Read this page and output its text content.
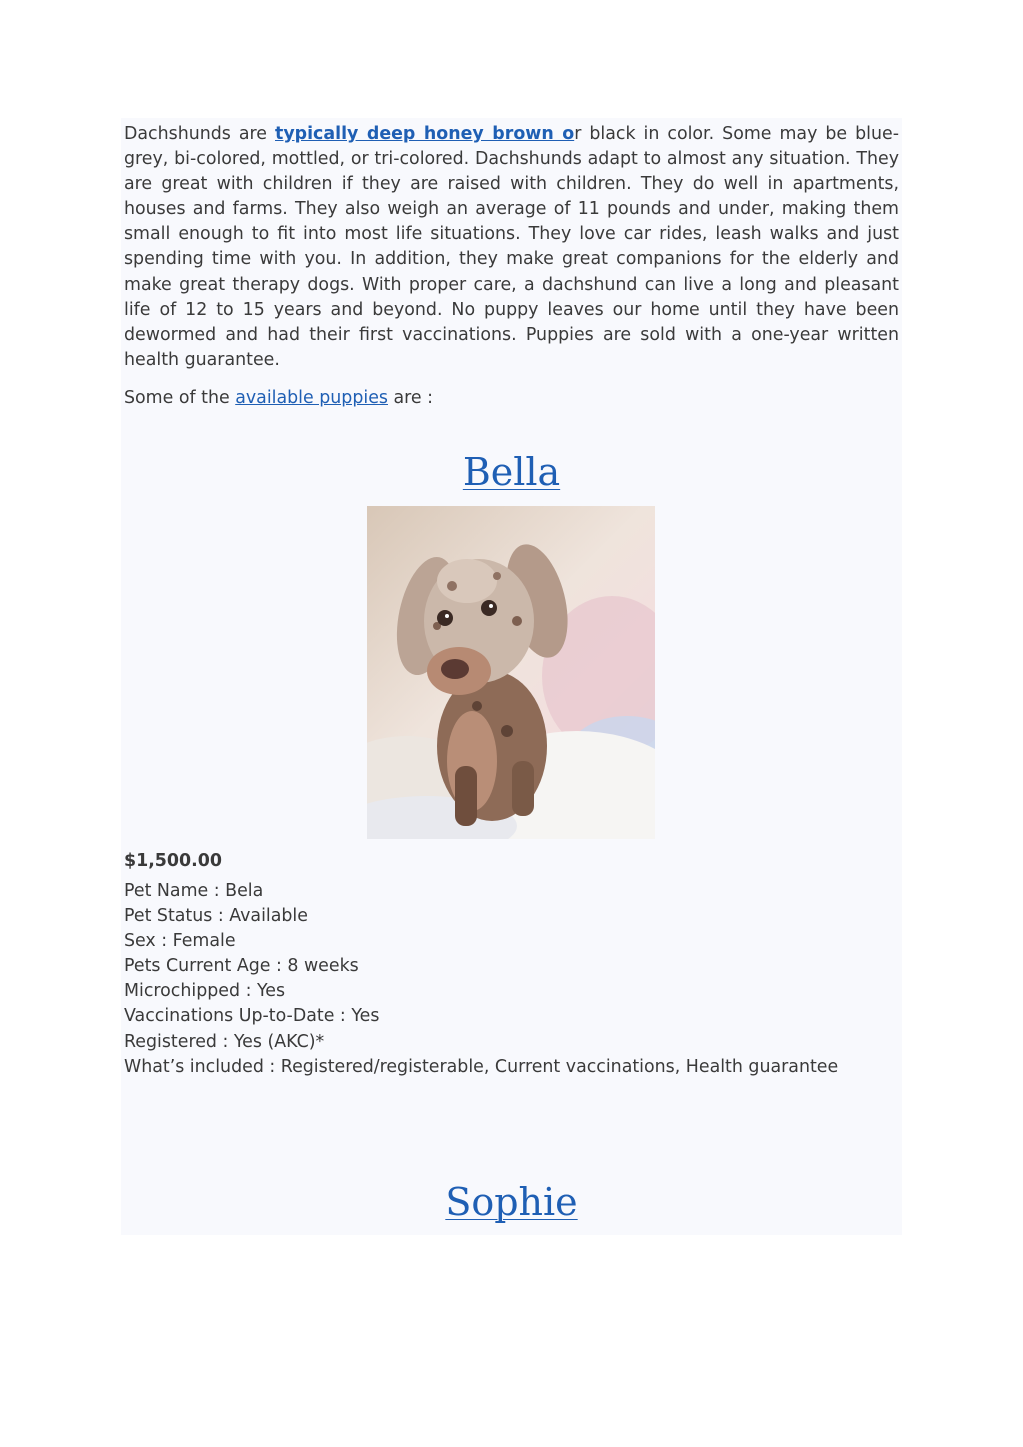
Dachshunds are typically deep honey brown or black in color. Some may be blue-grey, bi-colored, mottled, or tri-colored. Dachshunds adapt to almost any situation. They are great with children if they are raised with children. They do well in apartments, houses and farms. They also weigh an average of 11 pounds and under, making them small enough to fit into most life situations. They love car rides, leash walks and just spending time with you. In addition, they make great companions for the elderly and make great therapy dogs. With proper care, a dachshund can live a long and pleasant life of 12 to 15 years and beyond. No puppy leaves our home until they have been dewormed and had their first vaccinations. Puppies are sold with a one-year written health guarantee.

Some of the available puppies are :

Bella

$1,500.00

Pet Name : Bela
Pet Status : Available
Sex : Female
Pets Current Age : 8 weeks
Microchipped : Yes
Vaccinations Up-to-Date : Yes
Registered : Yes (AKC)*
What’s included : Registered/registerable, Current vaccinations, Health guarantee
Sophie
